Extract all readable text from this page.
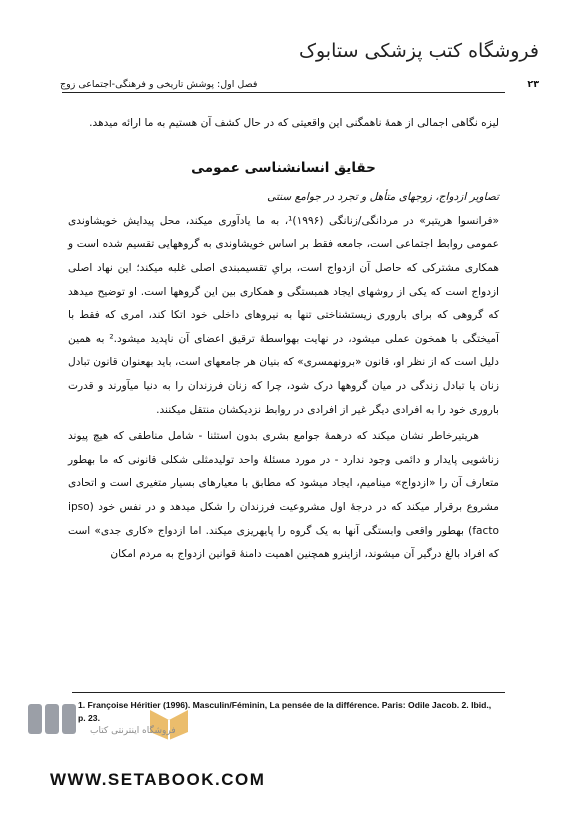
فروشگاه کتب پزشکی ستابوک
فصل اول: پوشش تاریخی و فرهنگی-اجتماعی زوج	۲۳

لیزه نگاهی اجمالی از همهٔ ناهمگنی این واقعیتی که در حال کشف آن هستیم به ما ارائه میدهد.

حقایق انسانشناسی عمومی

تصاویر ازدواج، زوجهای متأهل و تجرد در جوامع سنتی

«فرانسوا هریتیر» در مردانگی/زنانگی (۱۹۹۶)¹، به ما یادآوری میکند، محل پیدایش خویشاوندی عمومی روابط اجتماعی است، جامعه فقط بر اساس خویشاوندی به گروههایی تقسیم شده است و همکاری مشترکی که حاصل آن ازدواج است، برایِ تقسیمبندی اصلی غلبه میکند؛ این نهاد اصلی ازدواج است که یکی از روشهای ایجاد همبستگی و همکاری بین این گروهها است. او توضیح میدهد که گروهی که برای باروری زیستشناختی تنها به نیروهای داخلی خود اتکا کند، امری که فقط با آمیختگی با همخون عملی میشود، در نهایت بهواسطهٔ ترقیق اعضای آن ناپدید میشود.² به همین دلیل است که از نظر او، قانون «برونهمسری» که بنیان هر جامعهای است، باید بهعنوان قانون تبادل زنان یا تبادل زندگی در میان گروهها درک شود، چرا که زنان فرزندان را به دنیا میآورند و قدرت باروری خود را به افرادی دیگر غیر از افرادی در روابط نزدیکشان منتقل میکنند.

هریتیرخاطر نشان میکند که درهمهٔ جوامع بشری بدون استثنا - شامل مناطقی که هیچ پیوند زناشویی پایدار و دائمی وجود ندارد - در مورد مسئلهٔ واحد تولیدمثلی شکلی قانونی که ما بهطور متعارف آن را «ازدواج» مینامیم، ایجاد میشود که مطابق با معیارهای بسیار متغیری است و اتحادی مشروع برقرار میکند که در درجهٔ اول مشروعیت فرزندان را شکل میدهد و در نفس خود (ipso facto) بهطور واقعی وابستگی آنها به یک گروه را پایهریزی میکند. اما ازدواج «کاری جدی» است که افراد بالغ درگیر آن میشوند، ازاینرو همچنین اهمیت دامنهٔ قوانین ازدواج به مردم امکان

1. Françoise Héritier (1996). Masculin/Féminin, La pensée de la différence. Paris: Odile Jacob. 2. Ibid., p. 23.
فروشگاه اینترنتی کتاب
WWW.SETABOOK.COM
